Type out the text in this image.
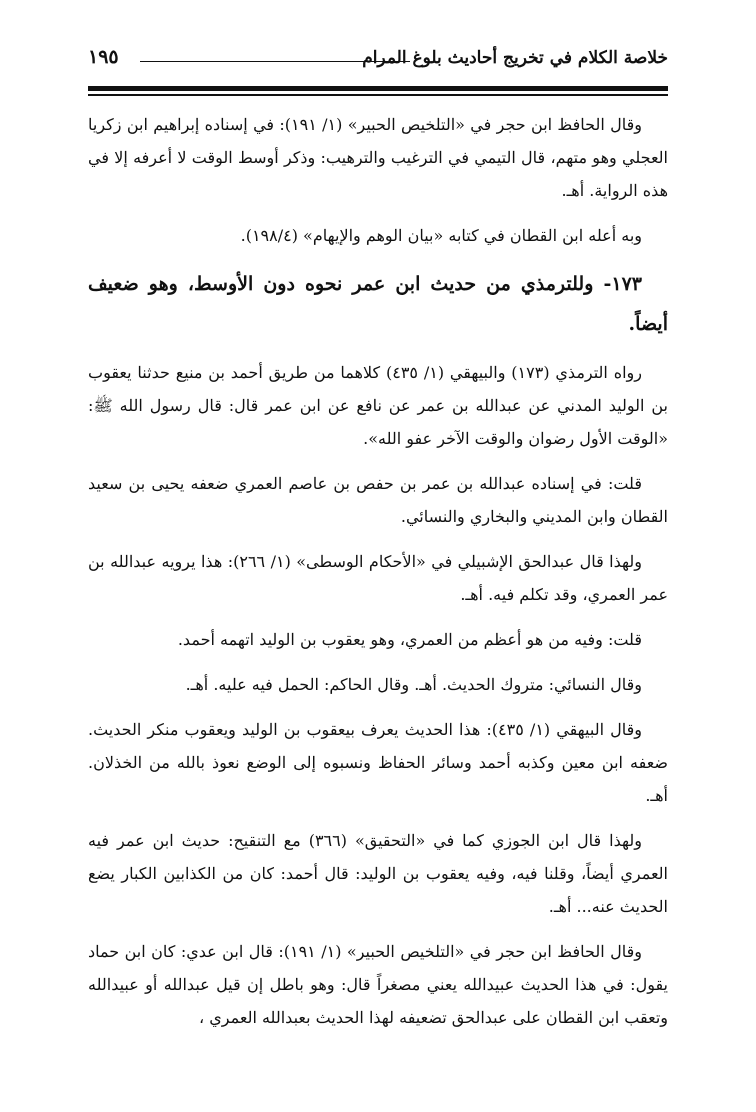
خلاصة الكلام في تخريج أحاديث بلوغ المرام
١٩٥

وقال الحافظ ابن حجر في «التلخيص الحبير» (١/ ١٩١): في إسناده إبراهيم ابن زكريا العجلي وهو متهم، قال التيمي في الترغيب والترهيب: وذكر أوسط الوقت لا أعرفه إلا في هذه الرواية. أهـ.

وبه أعله ابن القطان في كتابه «بيان الوهم والإيهام» (١٩٨/٤).

١٧٣- وللترمذي من حديث ابن عمر نحوه دون الأوسط، وهو ضعيف أيضاً.

رواه الترمذي (١٧٣) والبيهقي (١/ ٤٣٥) كلاهما من طريق أحمد بن منيع حدثنا يعقوب بن الوليد المدني عن عبدالله بن عمر عن نافع عن ابن عمر قال: قال رسول الله ﷺ: «الوقت الأول رضوان والوقت الآخر عفو الله».

قلت: في إسناده عبدالله بن عمر بن حفص بن عاصم العمري ضعفه يحيى بن سعيد القطان وابن المديني والبخاري والنسائي.

ولهذا قال عبدالحق الإشبيلي في «الأحكام الوسطى» (١/ ٢٦٦): هذا يرويه عبدالله بن عمر العمري، وقد تكلم فيه. أهـ.

قلت: وفيه من هو أعظم من العمري، وهو يعقوب بن الوليد اتهمه أحمد.

وقال النسائي: متروك الحديث. أهـ. وقال الحاكم: الحمل فيه عليه. أهـ.

وقال البيهقي (١/ ٤٣٥): هذا الحديث يعرف بيعقوب بن الوليد ويعقوب منكر الحديث. ضعفه ابن معين وكذبه أحمد وسائر الحفاظ ونسبوه إلى الوضع نعوذ بالله من الخذلان. أهـ.

ولهذا قال ابن الجوزي كما في «التحقيق» (٣٦٦) مع التنقيح: حديث ابن عمر فيه العمري أيضاً، وقلنا فيه، وفيه يعقوب بن الوليد: قال أحمد: كان من الكذابين الكبار يضع الحديث عنه... أهـ.

وقال الحافظ ابن حجر في «التلخيص الحبير» (١/ ١٩١): قال ابن عدي: كان ابن حماد يقول: في هذا الحديث عبيدالله يعني مصغراً قال: وهو باطل إن قيل عبدالله أو عبيدالله وتعقب ابن القطان على عبدالحق تضعيفه لهذا الحديث بعبدالله العمري ،
